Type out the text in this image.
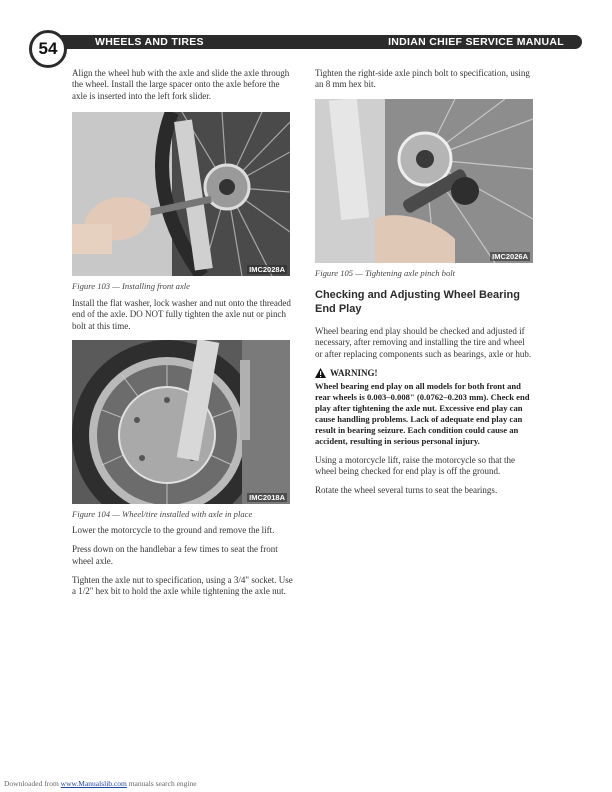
WHEELS AND TIRES	INDIAN CHIEF SERVICE MANUAL
54

Align the wheel hub with the axle and slide the axle through the wheel. Install the large spacer onto the axle before the axle is inserted into the left fork slider.

IMC2028A

Figure 103 — Installing front axle

Install the flat washer, lock washer and nut onto the threaded end of the axle. DO NOT fully tighten the axle nut or pinch bolt at this time.

IMC2018A

Figure 104 — Wheel/tire installed with axle in place

Lower the motorcycle to the ground and remove the lift.

Press down on the handlebar a few times to seat the front wheel axle.

Tighten the axle nut to specification, using a 3/4" socket. Use a 1/2" hex bit to hold the axle while tightening the axle nut.

Tighten the right-side axle pinch bolt to specification, using an 8 mm hex bit.

IMC2026A

Figure 105 — Tightening axle pinch bolt

Checking and Adjusting Wheel Bearing End Play

Wheel bearing end play should be checked and adjusted if necessary, after removing and installing the tire and wheel or after replacing components such as bearings, axle or hub.

WARNING!

Wheel bearing end play on all models for both front and rear wheels is 0.003–0.008" (0.0762–0.203 mm). Check end play after tightening the axle nut. Excessive end play can cause handling problems. Lack of adequate end play can result in bearing seizure. Each condition could cause an accident, resulting in serious personal injury.

Using a motorcycle lift, raise the motorcycle so that the wheel being checked for end play is off the ground.

Rotate the wheel several turns to seat the bearings.

Downloaded from www.Manualslib.com manuals search engine
